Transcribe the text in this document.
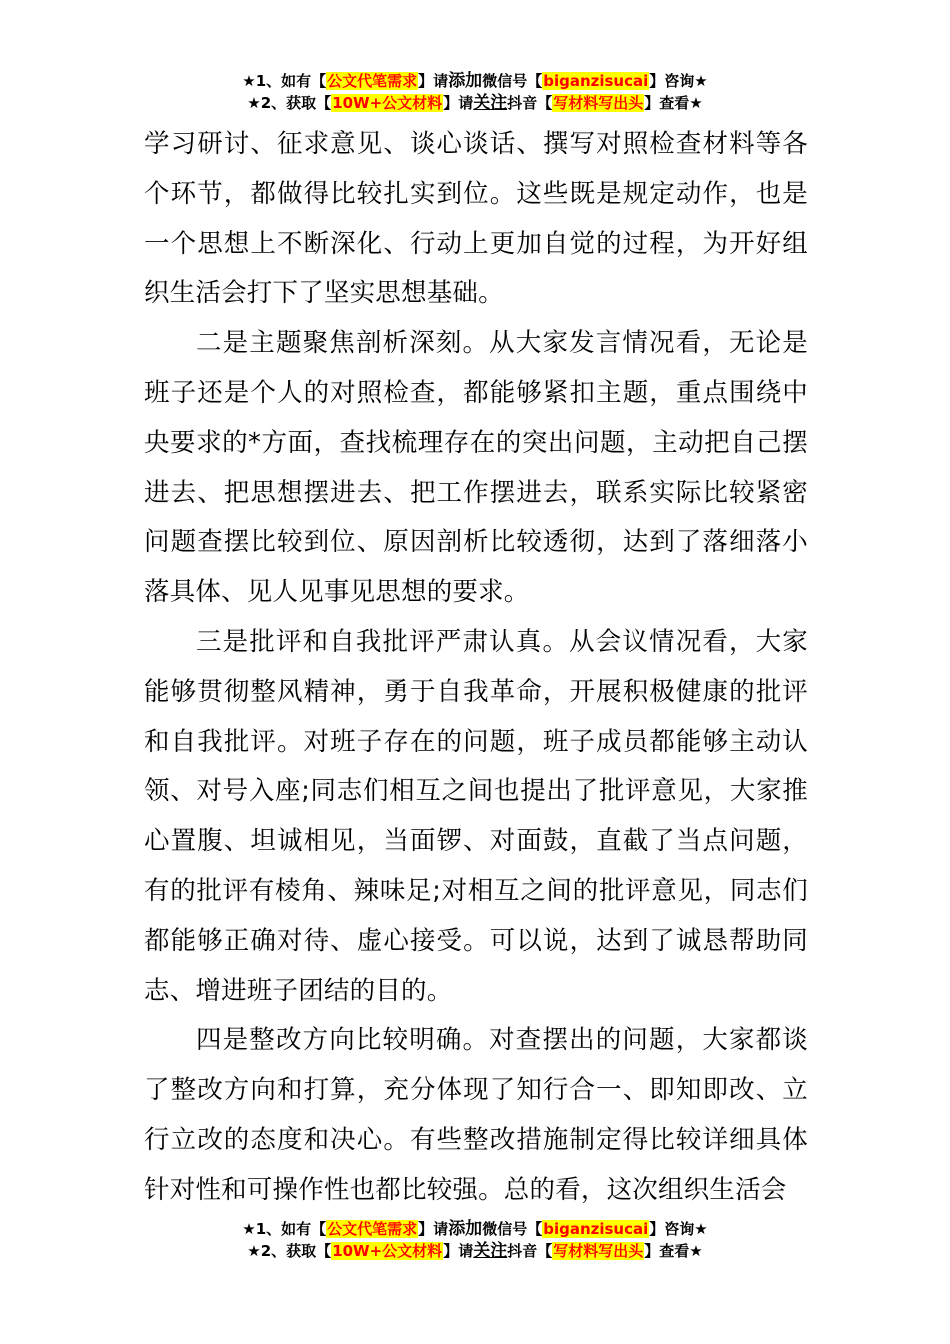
★1、如有【公文代笔需求】请添加微信号【biganzisucai】咨询★
★2、获取【10W+公文材料】请关注抖音【写材料写出头】查看★

学习研讨、征求意见、谈心谈话、撰写对照检查材料等各个环节，都做得比较扎实到位。这些既是规定动作，也是一个思想上不断深化、行动上更加自觉的过程，为开好组织生活会打下了坚实思想基础。

二是主题聚焦剖析深刻。从大家发言情况看，无论是班子还是个人的对照检查，都能够紧扣主题，重点围绕中央要求的*方面，查找梳理存在的突出问题，主动把自己摆进去、把思想摆进去、把工作摆进去，联系实际比较紧密问题查摆比较到位、原因剖析比较透彻，达到了落细落小落具体、见人见事见思想的要求。

三是批评和自我批评严肃认真。从会议情况看，大家能够贯彻整风精神，勇于自我革命，开展积极健康的批评和自我批评。对班子存在的问题，班子成员都能够主动认领、对号入座;同志们相互之间也提出了批评意见，大家推心置腹、坦诚相见，当面锣、对面鼓，直截了当点问题，有的批评有棱角、辣味足;对相互之间的批评意见，同志们都能够正确对待、虚心接受。可以说，达到了诚恳帮助同志、增进班子团结的目的。

四是整改方向比较明确。对查摆出的问题，大家都谈了整改方向和打算，充分体现了知行合一、即知即改、立行立改的态度和决心。有些整改措施制定得比较详细具体针对性和可操作性也都比较强。总的看，这次组织生活会

★1、如有【公文代笔需求】请添加微信号【biganzisucai】咨询★
★2、获取【10W+公文材料】请关注抖音【写材料写出头】查看★
